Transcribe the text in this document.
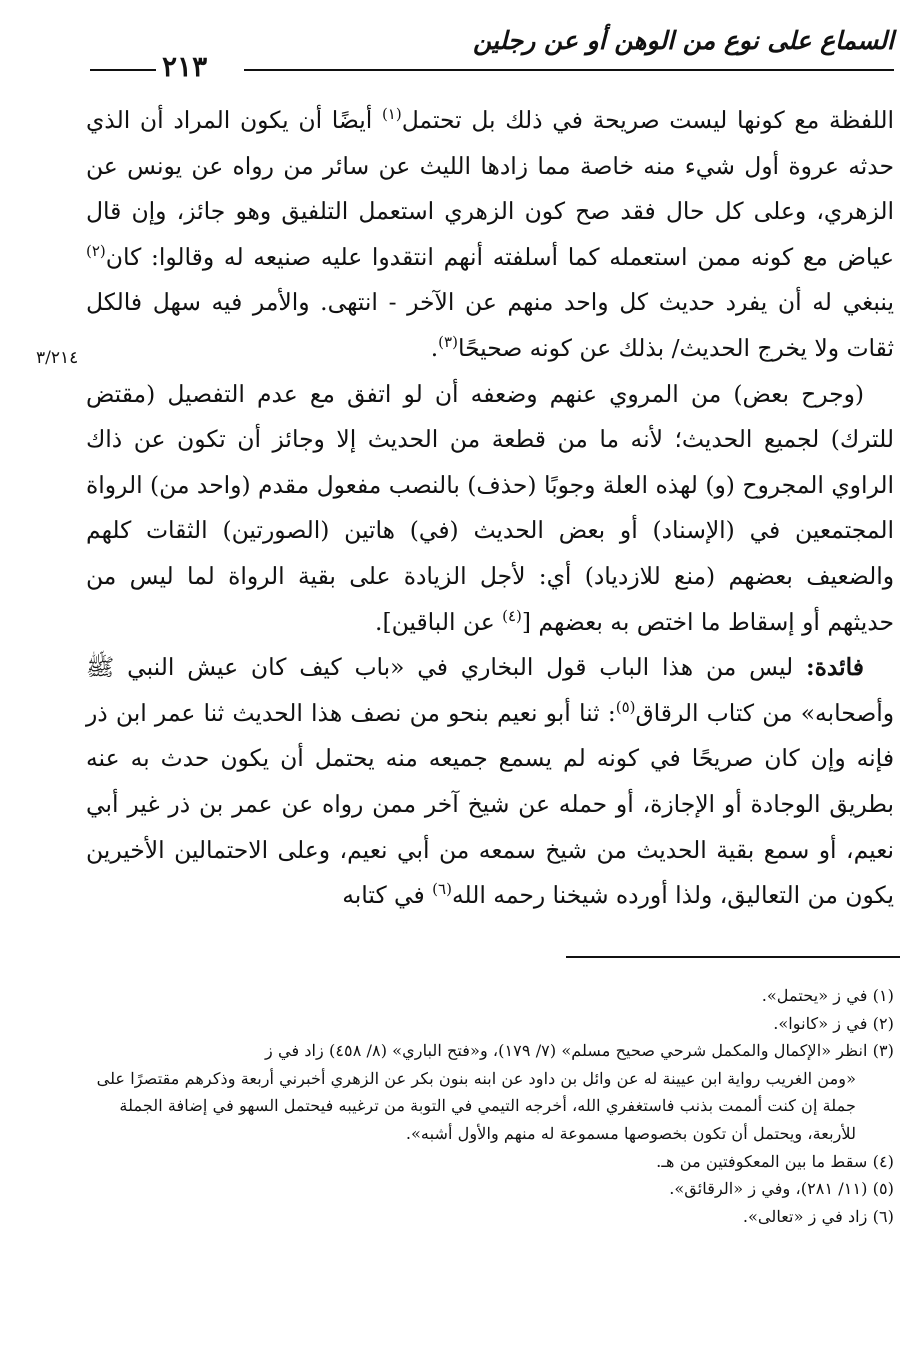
السماع على نوع من الوهن أو عن رجلين
٢١٣
٣/٢١٤

اللفظة مع كونها ليست صريحة في ذلك بل تحتمل$^{(١)}$ أيضًا أن يكون المراد أن الذي حدثه عروة أول شيء منه خاصة مما زادها الليث عن سائر من رواه عن يونس عن الزهري، وعلى كل حال فقد صح كون الزهري استعمل التلفيق وهو جائز، وإن قال عياض مع كونه ممن استعمله كما أسلفته أنهم انتقدوا عليه صنيعه له وقالوا: كان$^{(٢)}$ ينبغي له أن يفرد حديث كل واحد منهم عن الآخر - انتهى. والأمر فيه سهل فالكل ثقات ولا يخرج الحديث/ بذلك عن كونه صحيحًا$^{(٣)}$.

(وجرح بعض) من المروي عنهم وضعفه أن لو اتفق مع عدم التفصيل (مقتض للترك) لجميع الحديث؛ لأنه ما من قطعة من الحديث إلا وجائز أن تكون عن ذاك الراوي المجروح (و) لهذه العلة وجوبًا (حذف) بالنصب مفعول مقدم (واحد من) الرواة المجتمعين في (الإسناد) أو بعض الحديث (في) هاتين (الصورتين) الثقات كلهم والضعيف بعضهم (منع للازدياد) أي: لأجل الزيادة على بقية الرواة لما ليس من حديثهم أو إسقاط ما اختص به بعضهم [$^{(٤)}$ عن الباقين].

فائدة: ليس من هذا الباب قول البخاري في «باب كيف كان عيش النبي ﷺ وأصحابه» من كتاب الرقاق$^{(٥)}$: ثنا أبو نعيم بنحو من نصف هذا الحديث ثنا عمر ابن ذر فإنه وإن كان صريحًا في كونه لم يسمع جميعه منه يحتمل أن يكون حدث به عنه بطريق الوجادة أو الإجازة، أو حمله عن شيخ آخر ممن رواه عن عمر بن ذر غير أبي نعيم، أو سمع بقية الحديث من شيخ سمعه من أبي نعيم، وعلى الاحتمالين الأخيرين يكون من التعاليق، ولذا أورده شيخنا رحمه الله$^{(٦)}$ في كتابه

(١) في ز «يحتمل».

(٢) في ز «كانوا».

(٣) انظر «الإكمال والمكمل شرحي صحيح مسلم» (٧/ ١٧٩)، و«فتح الباري» (٨/ ٤٥٨) زاد في ز

«ومن الغريب رواية ابن عيينة له عن وائل بن داود عن ابنه بنون بكر عن الزهري أخبرني أربعة وذكرهم مقتصرًا على جملة إن كنت ألممت بذنب فاستغفري الله، أخرجه التيمي في التوبة من ترغيبه فيحتمل السهو في إضافة الجملة للأربعة، ويحتمل أن تكون بخصوصها مسموعة له منهم والأول أشبه».

(٤) سقط ما بين المعكوفتين من هـ.

(٥) (١١/ ٢٨١)، وفي ز «الرقائق».

(٦) زاد في ز «تعالى».
